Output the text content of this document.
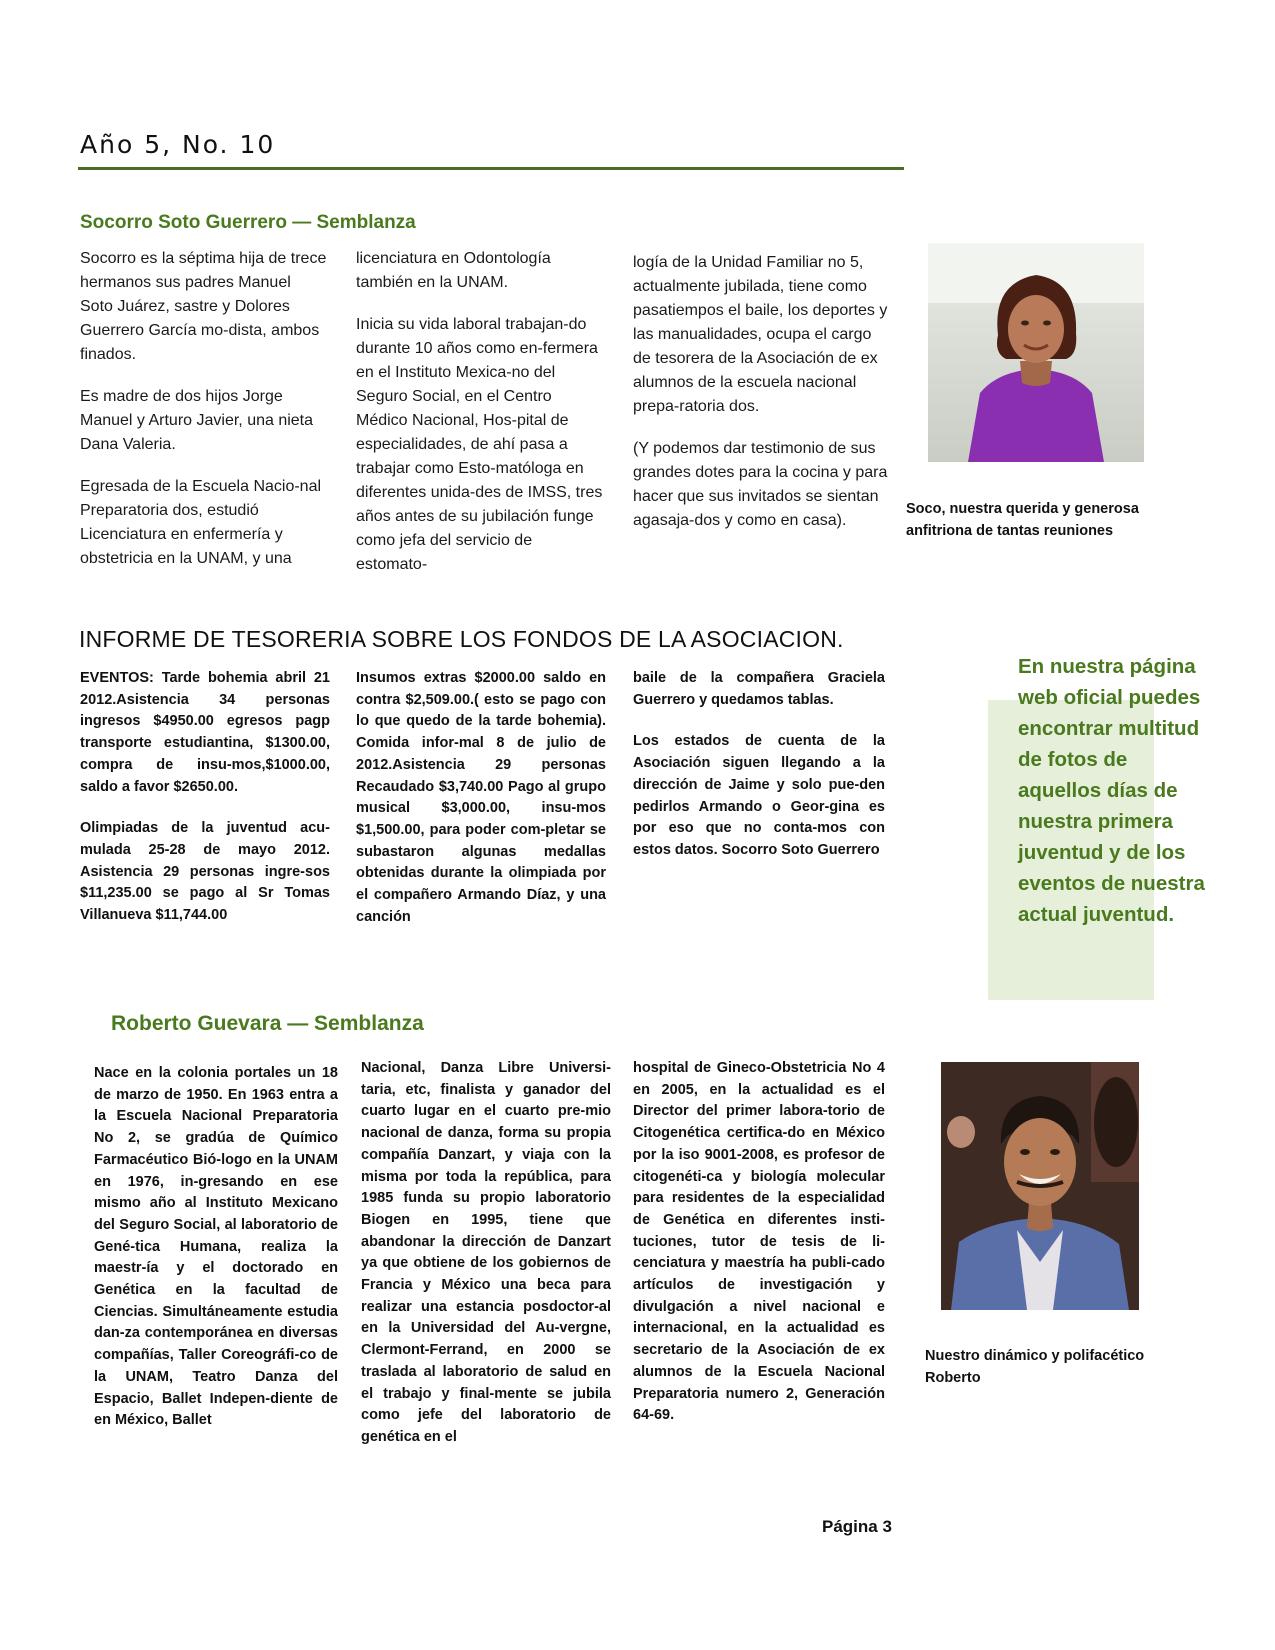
Año 5, No. 10
Socorro Soto Guerrero — Semblanza

Socorro es la séptima hija de trece hermanos sus padres Manuel Soto Juárez, sastre y Dolores Guerrero García mo-dista, ambos finados.

Es madre de dos hijos Jorge Manuel y Arturo Javier, una nieta Dana Valeria.

Egresada de la Escuela Nacio-nal Preparatoria dos, estudió Licenciatura en enfermería y obstetricia en la UNAM, y una

licenciatura en Odontología también en la UNAM.

Inicia su vida laboral trabajan-do durante 10 años como en-fermera en el Instituto Mexica-no del Seguro Social, en el Centro Médico Nacional, Hos-pital de especialidades, de ahí pasa a trabajar como Esto-matóloga en diferentes unida-des de IMSS, tres años antes de su jubilación funge como jefa del servicio de estomato-

logía de la Unidad Familiar no 5, actualmente jubilada, tiene como pasatiempos el baile, los deportes y las manualidades, ocupa el cargo de tesorera de la Asociación de ex alumnos de la escuela nacional prepa-ratoria dos.

(Y podemos dar testimonio de sus grandes dotes para la cocina y para hacer que sus invitados se sientan agasaja-dos y como en casa).

Soco, nuestra querida y generosa anfitriona de tantas reuniones
INFORME DE TESORERIA SOBRE LOS FONDOS DE LA ASOCIACION.

EVENTOS: Tarde bohemia abril 21 2012.Asistencia 34 personas ingresos $4950.00 egresos pagp transporte estudiantina, $1300.00, compra de insu-mos,$1000.00, saldo a favor $2650.00.

Olimpiadas de la juventud acu-mulada 25-28 de mayo 2012. Asistencia 29 personas ingre-sos $11,235.00 se pago al Sr Tomas Villanueva $11,744.00

Insumos extras $2000.00 saldo en contra $2,509.00.( esto se pago con lo que quedo de la tarde bohemia). Comida infor-mal 8 de julio de 2012.Asistencia 29 personas Recaudado $3,740.00 Pago al grupo musical $3,000.00, insu-mos $1,500.00, para poder com-pletar se subastaron algunas medallas obtenidas durante la olimpiada por el compañero Armando Díaz, y una canción

baile de la compañera Graciela Guerrero y quedamos tablas.

Los estados de cuenta de la Asociación siguen llegando a la dirección de Jaime y solo pue-den pedirlos Armando o Geor-gina es por eso que no conta-mos con estos datos. Socorro Soto Guerrero

En nuestra página web oficial puedes encontrar multitud de fotos de aquellos días de nuestra primera juventud y de los eventos de nuestra actual juventud.
Roberto Guevara — Semblanza

Nace en la colonia portales un 18 de marzo de 1950. En 1963 entra a la Escuela Nacional Preparatoria No 2, se gradúa de Químico Farmacéutico Bió-logo en la UNAM en 1976, in-gresando en ese mismo año al Instituto Mexicano del Seguro Social, al laboratorio de Gené-tica Humana, realiza la maestr-ía y el doctorado en Genética en la facultad de Ciencias. Simultáneamente estudia dan-za contemporánea en diversas compañías, Taller Coreográfi-co de la UNAM, Teatro Danza del Espacio, Ballet Indepen-diente de en México, Ballet

Nacional, Danza Libre Universi-taria, etc, finalista y ganador del cuarto lugar en el cuarto pre-mio nacional de danza, forma su propia compañía Danzart, y viaja con la misma por toda la república, para 1985 funda su propio laboratorio Biogen en 1995, tiene que abandonar la dirección de Danzart ya que obtiene de los gobiernos de Francia y México una beca para realizar una estancia posdoctor-al en la Universidad del Au-vergne, Clermont-Ferrand, en 2000 se traslada al laboratorio de salud en el trabajo y final-mente se jubila como jefe del laboratorio de genética en el

hospital de Gineco-Obstetricia No 4 en 2005, en la actualidad es el Director del primer labora-torio de Citogenética certifica-do en México por la iso 9001-2008, es profesor de citogenéti-ca y biología molecular para residentes de la especialidad de Genética en diferentes insti-tuciones, tutor de tesis de li-cenciatura y maestría ha publi-cado artículos de investigación y divulgación a nivel nacional e internacional, en la actualidad es secretario de la Asociación de ex alumnos de la Escuela Nacional Preparatoria numero 2, Generación 64-69.

Nuestro dinámico y polifacético Roberto
Página 3
